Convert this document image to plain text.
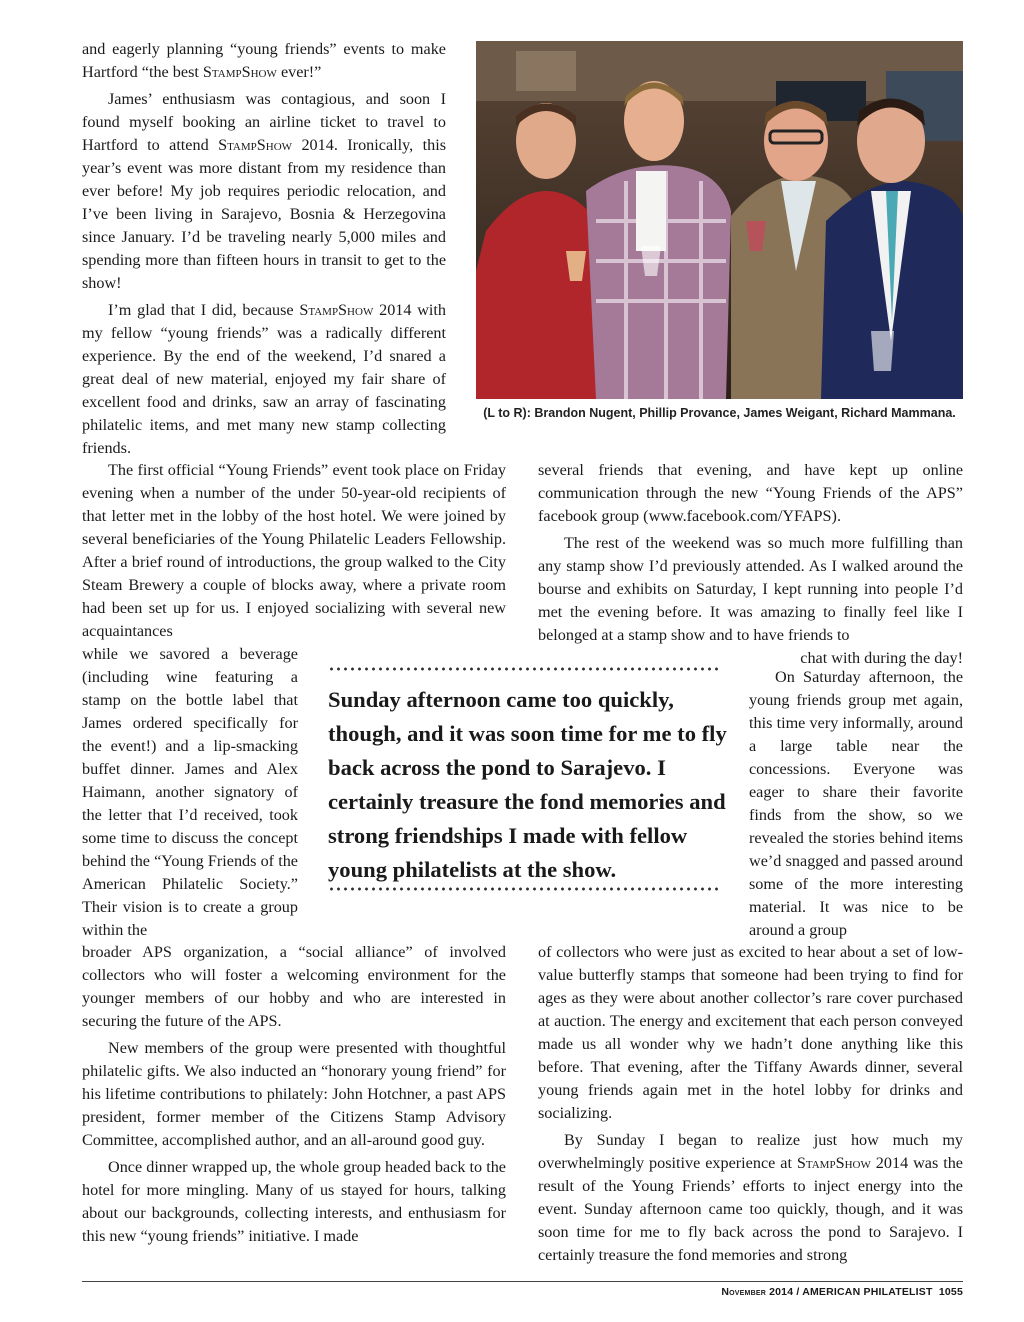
and eagerly planning “young friends” events to make Hartford “the best StampShow ever!”

James’ enthusiasm was contagious, and soon I found myself booking an airline ticket to travel to Hartford to attend StampShow 2014. Ironically, this year’s event was more distant from my residence than ever before! My job requires periodic relocation, and I’ve been living in Sarajevo, Bosnia & Herzegovina since January. I’d be traveling nearly 5,000 miles and spending more than fifteen hours in transit to get to the show!

I’m glad that I did, because StampShow 2014 with my fellow “young friends” was a radically different experience. By the end of the weekend, I’d snared a great deal of new material, enjoyed my fair share of excellent food and drinks, saw an array of fascinating philatelic items, and met many new stamp collecting friends.

(L to R): Brandon Nugent, Phillip Provance, James Weigant, Richard Mammana.

The first official “Young Friends” event took place on Friday evening when a number of the under 50-year-old recipients of that letter met in the lobby of the host hotel. We were joined by several beneficiaries of the Young Philatelic Leaders Fellowship. After a brief round of introductions, the group walked to the City Steam Brewery a couple of blocks away, where a private room had been set up for us. I enjoyed socializing with several new acquaintances

while we savored a beverage (including wine featuring a stamp on the bottle label that James ordered specifically for the event!) and a lip-smacking buffet dinner. James and Alex Haimann, another signatory of the letter that I’d received, took some time to discuss the concept behind the “Young Friends of the American Philatelic Society.” Their vision is to create a group within the

Sunday afternoon came too quickly, though, and it was soon time for me to fly back across the pond to Sarajevo. I certainly treasure the fond memories and strong friendships I made with fellow young philatelists at the show.

broader APS organization, a “social alliance” of involved collectors who will foster a welcoming environment for the younger members of our hobby and who are interested in securing the future of the APS.

New members of the group were presented with thoughtful philatelic gifts. We also inducted an “honorary young friend” for his lifetime contributions to philately: John Hotchner, a past APS president, former member of the Citizens Stamp Advisory Committee, accomplished author, and an all-around good guy.

Once dinner wrapped up, the whole group headed back to the hotel for more mingling. Many of us stayed for hours, talking about our backgrounds, collecting interests, and enthusiasm for this new “young friends” initiative. I made

several friends that evening, and have kept up online communication through the new “Young Friends of the APS” facebook group (www.facebook.com/YFAPS).

The rest of the weekend was so much more fulfilling than any stamp show I’d previously attended. As I walked around the bourse and exhibits on Saturday, I kept running into people I’d met the evening before. It was amazing to finally feel like I belonged at a stamp show and to have friends to

chat with during the day!

On Saturday afternoon, the young friends group met again, this time very informally, around a large table near the concessions. Everyone was eager to share their favorite finds from the show, so we revealed the stories behind items we’d snagged and passed around some of the more interesting material. It was nice to be around a group

of collectors who were just as excited to hear about a set of low-value butterfly stamps that someone had been trying to find for ages as they were about another collector’s rare cover purchased at auction. The energy and excitement that each person conveyed made us all wonder why we hadn’t done anything like this before. That evening, after the Tiffany Awards dinner, several young friends again met in the hotel lobby for drinks and socializing.

By Sunday I began to realize just how much my overwhelmingly positive experience at StampShow 2014 was the result of the Young Friends’ efforts to inject energy into the event. Sunday afternoon came too quickly, though, and it was soon time for me to fly back across the pond to Sarajevo. I certainly treasure the fond memories and strong

November 2014 / AMERICAN PHILATELIST 1055
